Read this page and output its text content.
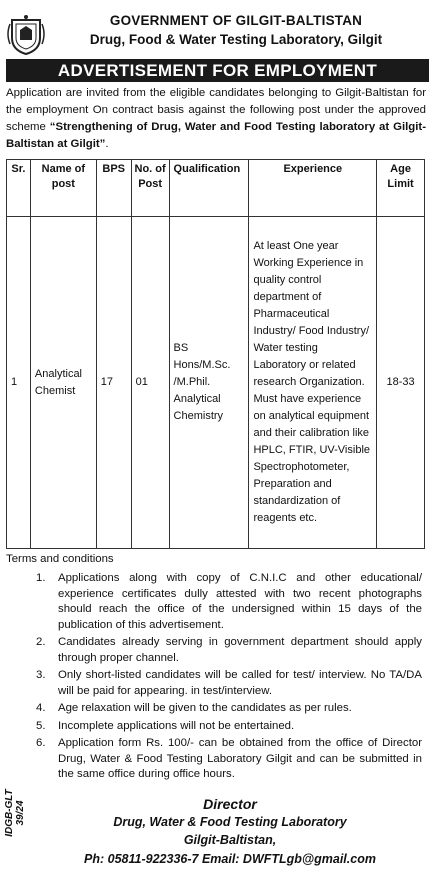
GOVERNMENT OF GILGIT-BALTISTAN
Drug, Food & Water Testing Laboratory, Gilgit
ADVERTISEMENT FOR EMPLOYMENT

Application are invited from the eligible candidates belonging to Gilgit-Baltistan for the employment On contract basis against the following post under the approved scheme “Strengthening of Drug, Water and Food Testing laboratory at Gilgit-Baltistan at Gilgit”.

Sr.	Name of post	BPS	No. of Post	Qualification	Experience	Age Limit
1	Analytical Chemist	17	01	BS Hons/M.Sc. /M.Phil. Analytical Chemistry	At least One year Working Experience in quality control department of Pharmaceutical Industry/ Food Industry/ Water testing Laboratory or related research Organization. Must have experience on analytical equipment and their calibration like HPLC, FTIR, UV-Visible Spectrophotometer, Preparation and standardization of reagents etc.	18-33
Terms and conditions
1. Applications along with copy of C.N.I.C and other educational/ experience certificates dully attested with two recent photographs should reach the office of the undersigned within 15 days of the publication of this advertisement.
2. Candidates already serving in government department should apply through proper channel.
3. Only short-listed candidates will be called for test/ interview. No TA/DA will be paid for appearing. in test/interview.
4. Age relaxation will be given to the candidates as per rules.
5. Incomplete applications will not be entertained.
6. Application form Rs. 100/- can be obtained from the office of Director Drug, Water & Food Testing Laboratory Gilgit and can be submitted in the same office during office hours.
IDGB-GLT 39/24	Director
Drug, Water & Food Testing Laboratory
Gilgit-Baltistan,
Ph: 05811-922336-7 Email: DWFTLgb@gmail.com
